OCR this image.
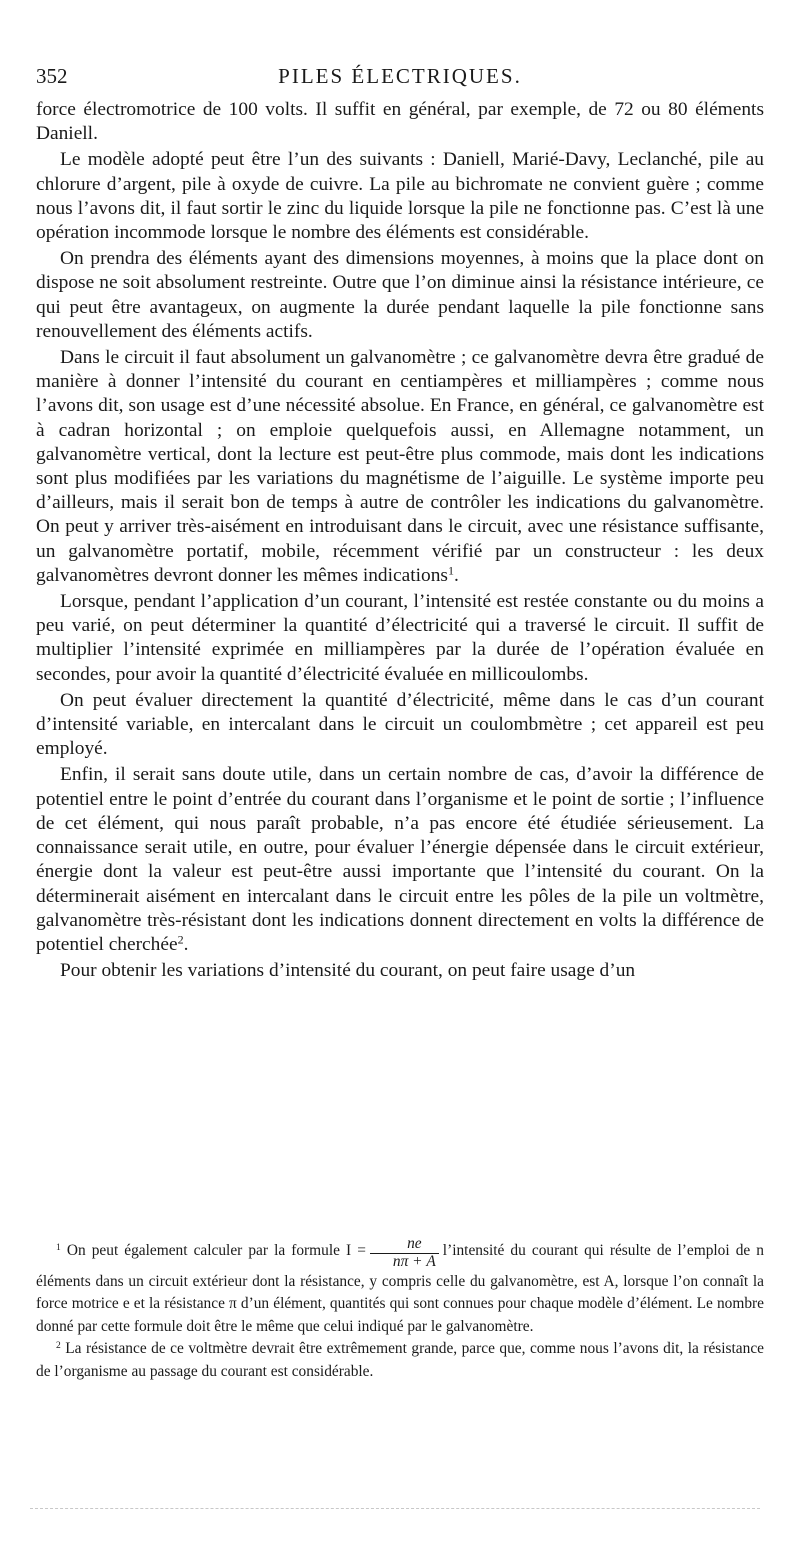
352	PILES ÉLECTRIQUES.

force électromotrice de 100 volts. Il suffit en général, par exemple, de 72 ou 80 éléments Daniell.

Le modèle adopté peut être l’un des suivants : Daniell, Marié-Davy, Leclanché, pile au chlorure d’argent, pile à oxyde de cuivre. La pile au bichromate ne convient guère ; comme nous l’avons dit, il faut sortir le zinc du liquide lorsque la pile ne fonctionne pas. C’est là une opération incommode lorsque le nombre des éléments est considérable.

On prendra des éléments ayant des dimensions moyennes, à moins que la place dont on dispose ne soit absolument restreinte. Outre que l’on diminue ainsi la résistance intérieure, ce qui peut être avantageux, on augmente la durée pendant laquelle la pile fonctionne sans renouvellement des éléments actifs.

Dans le circuit il faut absolument un galvanomètre ; ce galvanomètre devra être gradué de manière à donner l’intensité du courant en centiampères et milliampères ; comme nous l’avons dit, son usage est d’une nécessité absolue. En France, en général, ce galvanomètre est à cadran horizontal ; on emploie quelquefois aussi, en Allemagne notamment, un galvanomètre vertical, dont la lecture est peut-être plus commode, mais dont les indications sont plus modifiées par les variations du magnétisme de l’aiguille. Le système importe peu d’ailleurs, mais il serait bon de temps à autre de contrôler les indications du galvanomètre. On peut y arriver très-aisément en introduisant dans le circuit, avec une résistance suffisante, un galvanomètre portatif, mobile, récemment vérifié par un constructeur : les deux galvanomètres devront donner les mêmes indications$^1$.

Lorsque, pendant l’application d’un courant, l’intensité est restée constante ou du moins a peu varié, on peut déterminer la quantité d’électricité qui a traversé le circuit. Il suffit de multiplier l’intensité exprimée en milliampères par la durée de l’opération évaluée en secondes, pour avoir la quantité d’électricité évaluée en millicoulombs.

On peut évaluer directement la quantité d’électricité, même dans le cas d’un courant d’intensité variable, en intercalant dans le circuit un coulombmètre ; cet appareil est peu employé.

Enfin, il serait sans doute utile, dans un certain nombre de cas, d’avoir la différence de potentiel entre le point d’entrée du courant dans l’organisme et le point de sortie ; l’influence de cet élément, qui nous paraît probable, n’a pas encore été étudiée sérieusement. La connaissance serait utile, en outre, pour évaluer l’énergie dépensée dans le circuit extérieur, énergie dont la valeur est peut-être aussi importante que l’intensité du courant. On la déterminerait aisément en intercalant dans le circuit entre les pôles de la pile un voltmètre, galvanomètre très-résistant dont les indications donnent directement en volts la différence de potentiel cherchée$^2$.

Pour obtenir les variations d’intensité du courant, on peut faire usage d’un

$^1$ On peut également calculer par la formule $I = \frac{ne}{n\pi + A}$ l’intensité du courant qui résulte de l’emploi de n éléments dans un circuit extérieur dont la résistance, y compris celle du galvanomètre, est A, lorsque l’on connaît la force motrice e et la résistance π d’un élément, quantités qui sont connues pour chaque modèle d’élément. Le nombre donné par cette formule doit être le même que celui indiqué par le galvanomètre.

$^2$ La résistance de ce voltmètre devrait être extrêmement grande, parce que, comme nous l’avons dit, la résistance de l’organisme au passage du courant est considérable.
